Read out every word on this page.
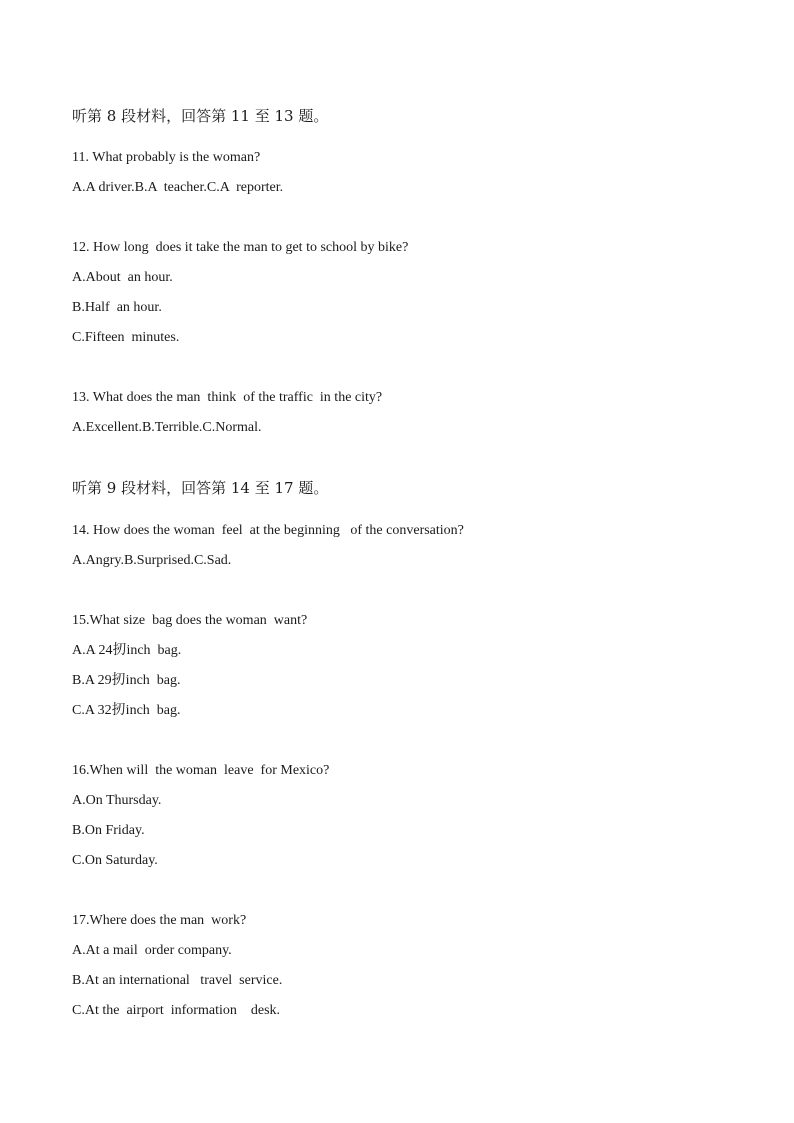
听第 8 段材料，回答第 11 至 13 题。
11. What probably is the woman?
A.A driver.B.A  teacher.C.A  reporter.
12. How long  does it take the man to get to school by bike?
A.About  an hour.
B.Half  an hour.
C.Fifteen  minutes.
13. What does the man  think  of the traffic  in the city?
A.Excellent.B.Terrible.C.Normal.
听第 9 段材料，回答第 14 至 17 题。
14. How does the woman  feel  at the beginning   of the conversation?
A.Angry.B.Surprised.C.Sad.
15.What size  bag does the woman  want?
A.A 24扨inch  bag.
B.A 29扨inch  bag.
C.A 32扨inch  bag.
16.When will  the woman  leave  for Mexico?
A.On Thursday.
B.On Friday.
C.On Saturday.
17.Where does the man  work?
A.At a mail  order company.
B.At an international   travel  service.
C.At the  airport  information    desk.
